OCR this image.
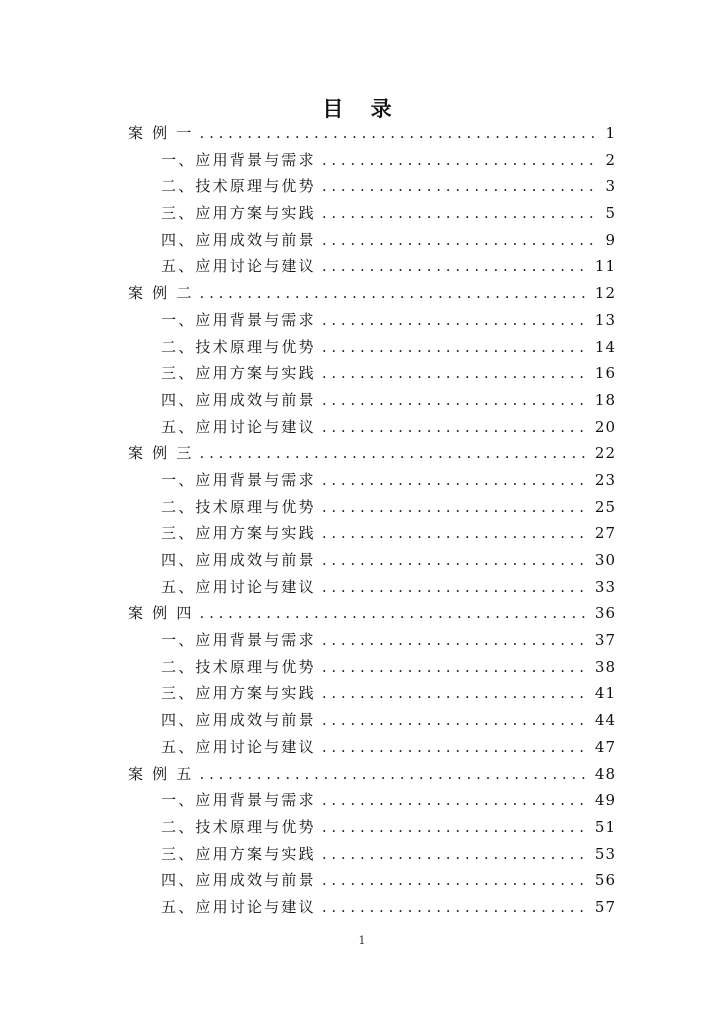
目 录
案 例 一 . . .	1
一、 应用背景与需求 . . .	2
二、 技术原理与优势 . . .	3
三、 应用方案与实践 . . .	5
四、 应用成效与前景 . . .	9
五、 应用讨论与建议 . . .	11
案 例 二 . . .	12
一、 应用背景与需求 . . .	13
二、 技术原理与优势 . . .	14
三、 应用方案与实践 . . .	16
四、 应用成效与前景 . . .	18
五、 应用讨论与建议 . . .	20
案 例 三 . . .	22
一、 应用背景与需求 . . .	23
二、 技术原理与优势 . . .	25
三、 应用方案与实践 . . .	27
四、 应用成效与前景 . . .	30
五、 应用讨论与建议 . . .	33
案 例 四 . . .	36
一、 应用背景与需求 . . .	37
二、 技术原理与优势 . . .	38
三、 应用方案与实践 . . .	41
四、 应用成效与前景 . . .	44
五、 应用讨论与建议 . . .	47
案 例 五 . . .	48
一、 应用背景与需求 . . .	49
二、 技术原理与优势 . . .	51
三、 应用方案与实践 . . .	53
四、 应用成效与前景 . . .	56
五、 应用讨论与建议 . . .	57
1
